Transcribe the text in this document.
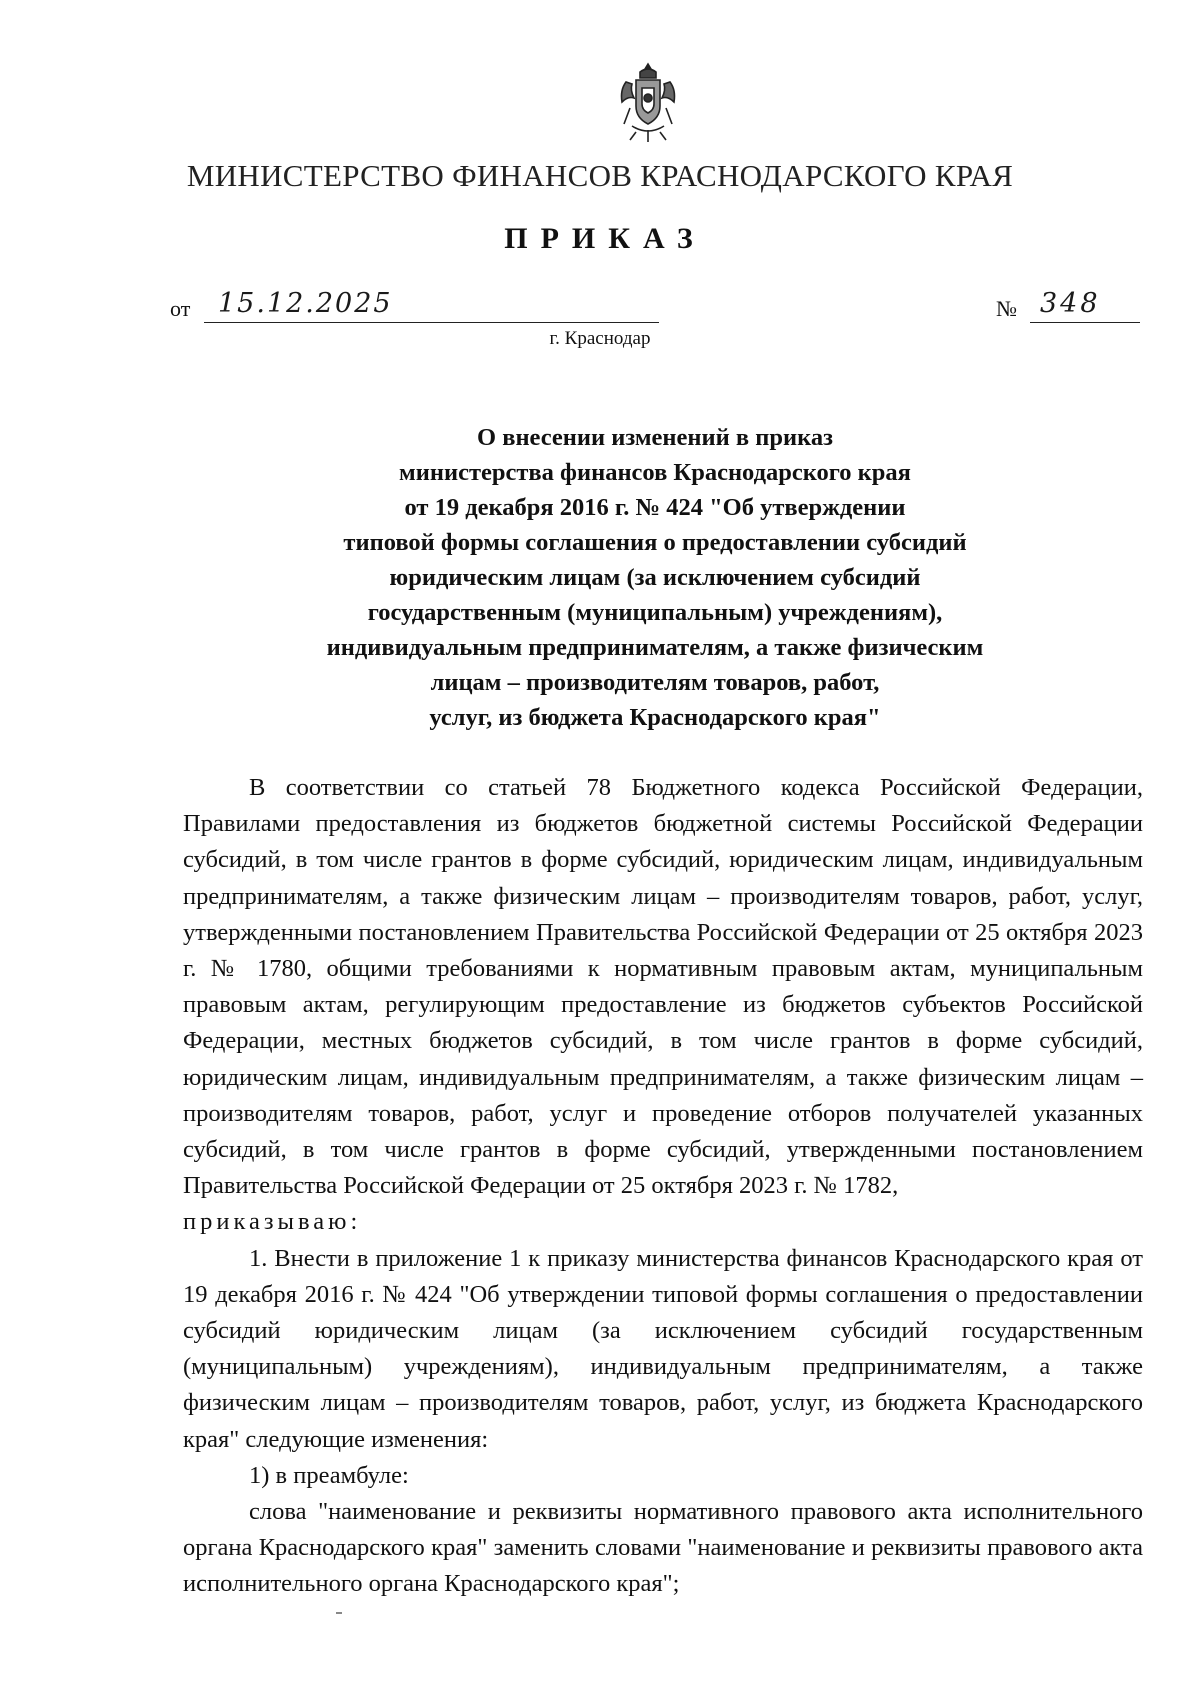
МИНИСТЕРСТВО ФИНАНСОВ КРАСНОДАРСКОГО КРАЯ
ПРИКАЗ
от 15.12.2025	№ 348
г. Краснодар
О внесении изменений в приказ
министерства финансов Краснодарского края
от 19 декабря 2016 г. № 424 "Об утверждении
типовой формы соглашения о предоставлении субсидий
юридическим лицам (за исключением субсидий
государственным (муниципальным) учреждениям),
индивидуальным предпринимателям, а также физическим
лицам – производителям товаров, работ,
услуг, из бюджета Краснодарского края"

В соответствии со статьей 78 Бюджетного кодекса Российской Федерации, Правилами предоставления из бюджетов бюджетной системы Российской Федерации субсидий, в том числе грантов в форме субсидий, юридическим лицам, индивидуальным предпринимателям, а также физическим лицам – производителям товаров, работ, услуг, утвержденными постановлением Правительства Российской Федерации от 25 октября 2023 г. № 1780, общими требованиями к нормативным правовым актам, муниципальным правовым актам, регулирующим предоставление из бюджетов субъектов Российской Федерации, местных бюджетов субсидий, в том числе грантов в форме субсидий, юридическим лицам, индивидуальным предпринимателям, а также физическим лицам – производителям товаров, работ, услуг и проведение отборов получателей указанных субсидий, в том числе грантов в форме субсидий, утвержденными постановлением Правительства Российской Федерации от 25 октября 2023 г. № 1782,

приказываю:

1. Внести в приложение 1 к приказу министерства финансов Краснодарского края от 19 декабря 2016 г. № 424 "Об утверждении типовой формы соглашения о предоставлении субсидий юридическим лицам (за исключением субсидий государственным (муниципальным) учреждениям), индивидуальным предпринимателям, а также физическим лицам – производителям товаров, работ, услуг, из бюджета Краснодарского края" следующие изменения:

1) в преамбуле:

слова "наименование и реквизиты нормативного правового акта исполнительного органа Краснодарского края" заменить словами "наименование и реквизиты правового акта исполнительного органа Краснодарского края";
